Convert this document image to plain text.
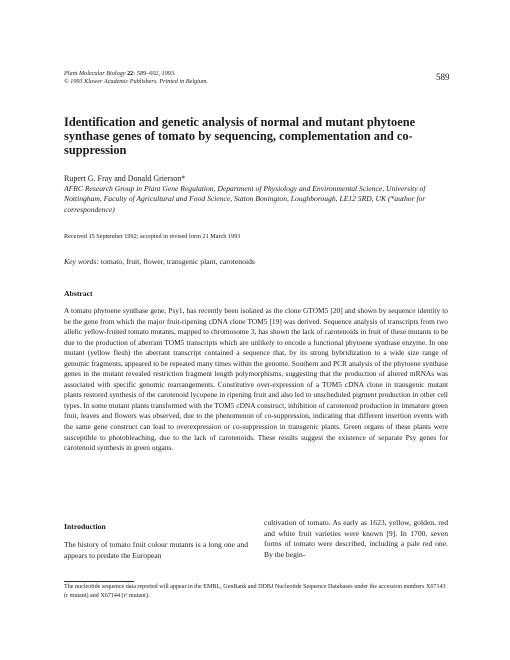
Plant Molecular Biology 22: 589–602, 1993.
© 1993 Kluwer Academic Publishers. Printed in Belgium.	589
Identification and genetic analysis of normal and mutant phytoene synthase genes of tomato by sequencing, complementation and co-suppression
Rupert G. Fray and Donald Grierson*
AFRC Research Group in Plant Gene Regulation, Department of Physiology and Environmental Science, University of Nottingham, Faculty of Agricultural and Food Science, Sutton Bonington, Loughborough, LE12 5RD, UK (*author for correspondence)
Received 15 September 1992; accepted in revised form 21 March 1993
Key words: tomato, fruit, flower, transgenic plant, carotenoids
Abstract

A tomato phytoene synthase gene, Psy1, has recently been isolated as the clone GTOM5 [20] and shown by sequence identity to be the gene from which the major fruit-ripening cDNA clone TOM5 [19] was derived. Sequence analysis of transcripts from two allelic yellow-fruited tomato mutants, mapped to chromosome 3, has shown the lack of carotenoids in fruit of these mutants to be due to the production of aberrant TOM5 transcripts which are unlikely to encode a functional phytoene synthase enzyme. In one mutant (yellow flesh) the aberrant transcript contained a sequence that, by its strong hybridization to a wide size range of genomic fragments, appeared to be repeated many times within the genome. Southern and PCR analysis of the phytoene synthase genes in the mutant revealed restriction fragment length polymorphisms, suggesting that the production of altered mRNAs was associated with specific genomic rearrangements. Constitutive over-expression of a TOM5 cDNA clone in transgenic mutant plants restored synthesis of the carotenoid lycopene in ripening fruit and also led to unscheduled pigment production in other cell types. In some mutant plants transformed with the TOM5 cDNA construct, inhibition of carotenoid production in immature green fruit, leaves and flowers was observed, due to the phenomenon of co-suppression, indicating that different insertion events with the same gene construct can lead to overexpression or co-suppression in transgenic plants. Green organs of these plants were susceptible to photobleaching, due to the lack of carotenoids. These results suggest the existence of separate Psy genes for carotenoid synthesis in green organs.

Introduction

The history of tomato fruit colour mutants is a long one and appears to predate the European

cultivation of tomato. As early as 1623, yellow, golden, red and white fruit varieties were known [9]. In 1700, seven forms of tomato were described, including a pale red one. By the begin-

The nucleotide sequence data reported will appear in the EMBL, GenBank and DDBJ Nucleotide Sequence Databases under the accession numbers X67143 (r mutant) and X67144 (rʸ mutant).
